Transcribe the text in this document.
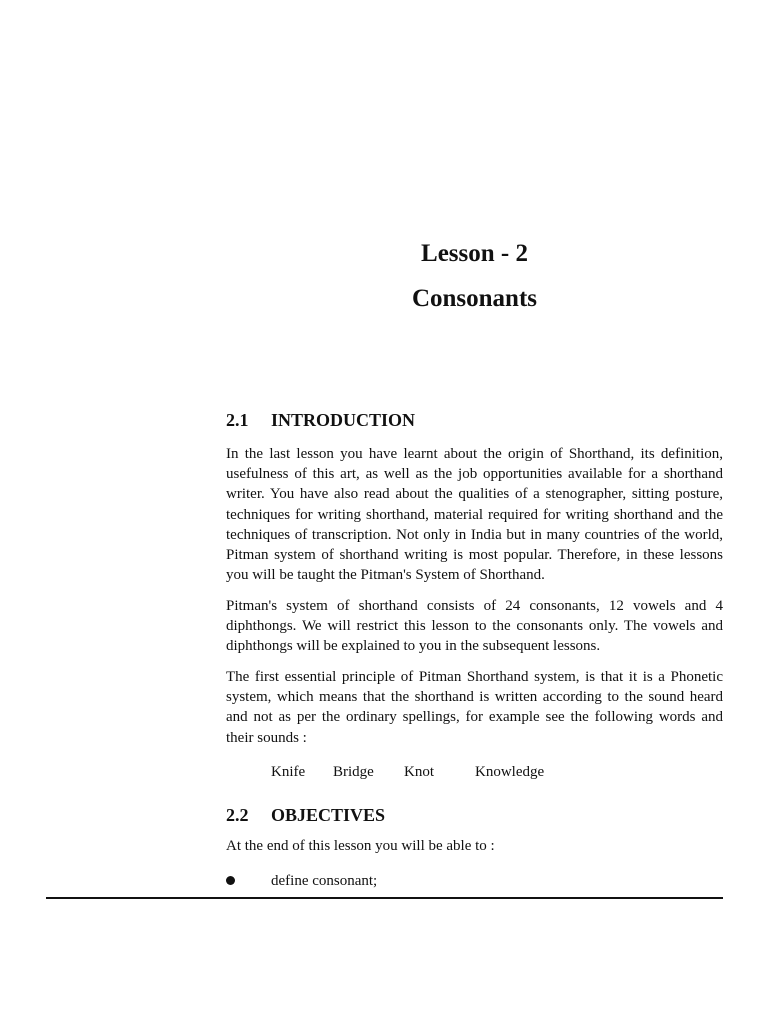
Lesson - 2
Consonants
2.1 INTRODUCTION

In the last lesson you have learnt about the origin of Shorthand, its definition, usefulness of this art, as well as the job opportunities available for a shorthand writer. You have also read about the qualities of a stenographer, sitting posture, techniques for writing shorthand, material required for writing shorthand and the techniques of transcription. Not only in India but in many countries of the world, Pitman system of shorthand writing is most popular. Therefore, in these lessons you will be taught the Pitman's System of Shorthand.

Pitman's system of shorthand consists of 24 consonants, 12 vowels and 4 diphthongs. We will restrict this lesson to the consonants only. The vowels and diphthongs will be explained to you in the subsequent lessons.

The first essential principle of Pitman Shorthand system, is that it is a Phonetic system, which means that the shorthand is written according to the sound heard and not as per the ordinary spellings, for example see the following words and their sounds :

Knife Bridge Knot	Knowledge
2.2 OBJECTIVES

At the end of this lesson you will be able to :

define consonant;
